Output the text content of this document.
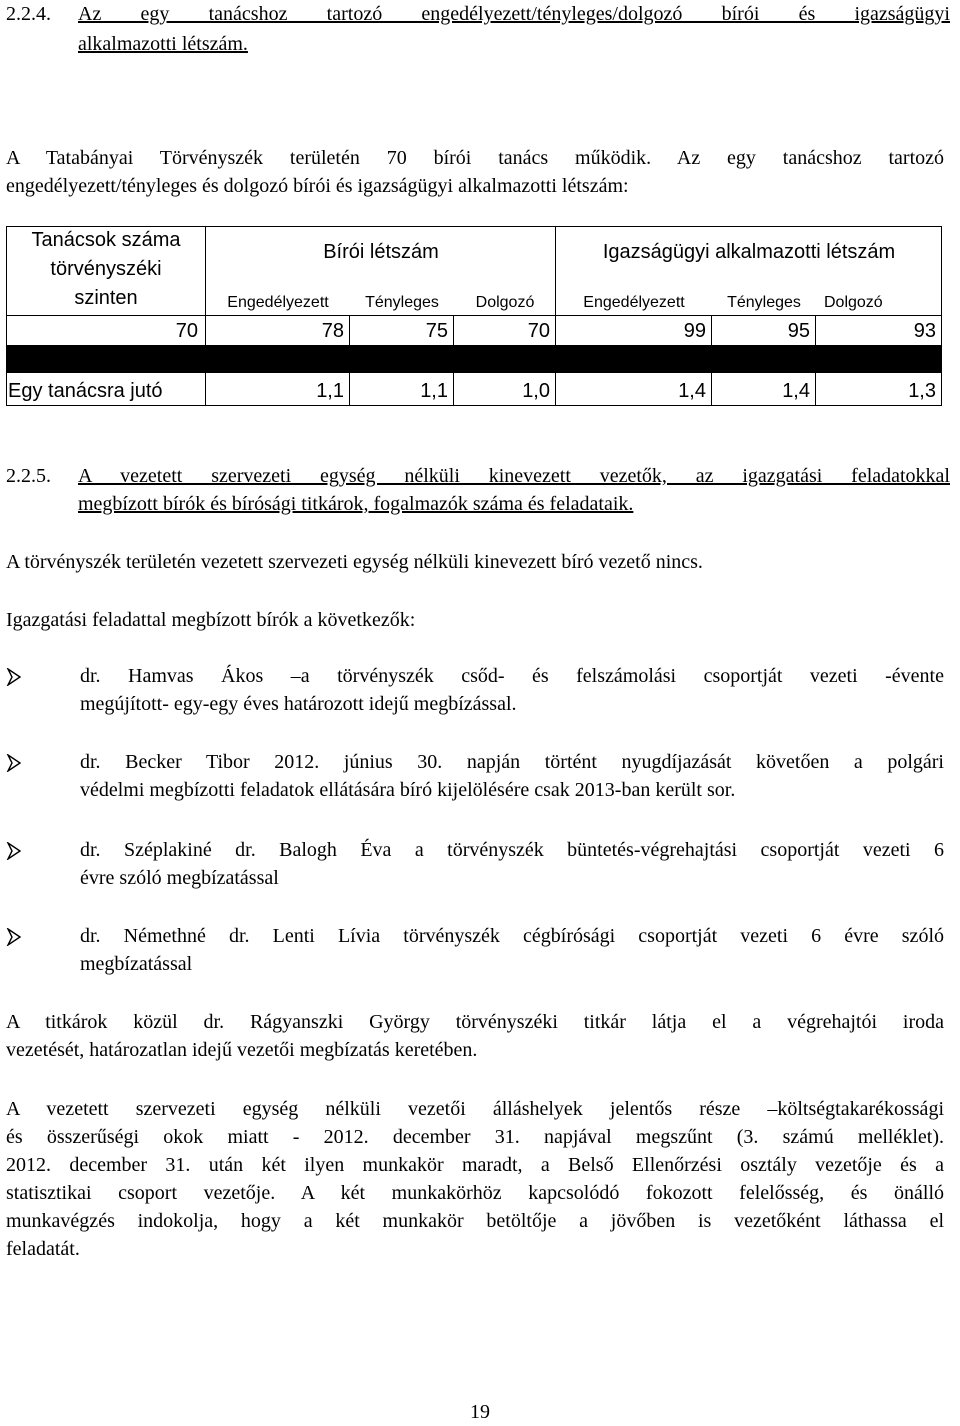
2.2.4. Az egy tanácshoz tartozó engedélyezett/tényleges/dolgozó bírói és igazságügyi
alkalmazotti létszám.
A Tatabányai Törvényszék területén 70 bírói tanács működik. Az egy tanácshoz tartozó
engedélyezett/tényleges és dolgozó bírói és igazságügyi alkalmazotti létszám:
Tanácsok száma
törvényszéki
szinten
Bírói létszám	Igazságügyi alkalmazotti létszám
Engedélyezett	Tényleges	Dolgozó	Engedélyezett	Tényleges	Dolgozó
70	78	75	70	99	95	93
Egy tanácsra jutó	1,1	1,1	1,0	1,4	1,4	1,3
2.2.5. A vezetett szervezeti egység nélküli kinevezett vezetők, az igazgatási feladatokkal
megbízott bírók és bírósági titkárok, fogalmazók száma és feladataik.
A törvényszék területén vezetett szervezeti egység nélküli kinevezett bíró vezető nincs.
Igazgatási feladattal megbízott bírók a következők:
dr. Hamvas Ákos –a törvényszék csőd- és felszámolási csoportját vezeti -évente
megújított- egy-egy éves határozott idejű megbízással.
dr. Becker Tibor 2012. június 30. napján történt nyugdíjazását követően a polgári
védelmi megbízotti feladatok ellátására bíró kijelölésére csak 2013-ban került sor.
dr. Széplakiné dr. Balogh Éva a törvényszék büntetés-végrehajtási csoportját vezeti 6
évre szóló megbízatással
dr. Némethné dr. Lenti Lívia törvényszék cégbírósági csoportját vezeti 6 évre szóló
megbízatással
A titkárok közül dr. Rágyanszki György törvényszéki titkár látja el a végrehajtói iroda
vezetését, határozatlan idejű vezetői megbízatás keretében.
A vezetett szervezeti egység nélküli vezetői álláshelyek jelentős része –költségtakarékossági
és összerűségi okok miatt - 2012. december 31. napjával megszűnt (3. számú melléklet).
2012. december 31. után két ilyen munkakör maradt, a Belső Ellenőrzési osztály vezetője és a
statisztikai csoport vezetője. A két munkakörhöz kapcsolódó fokozott felelősség, és önálló
munkavégzés indokolja, hogy a két munkakör betöltője a jövőben is vezetőként láthassa el
feladatát.
19
